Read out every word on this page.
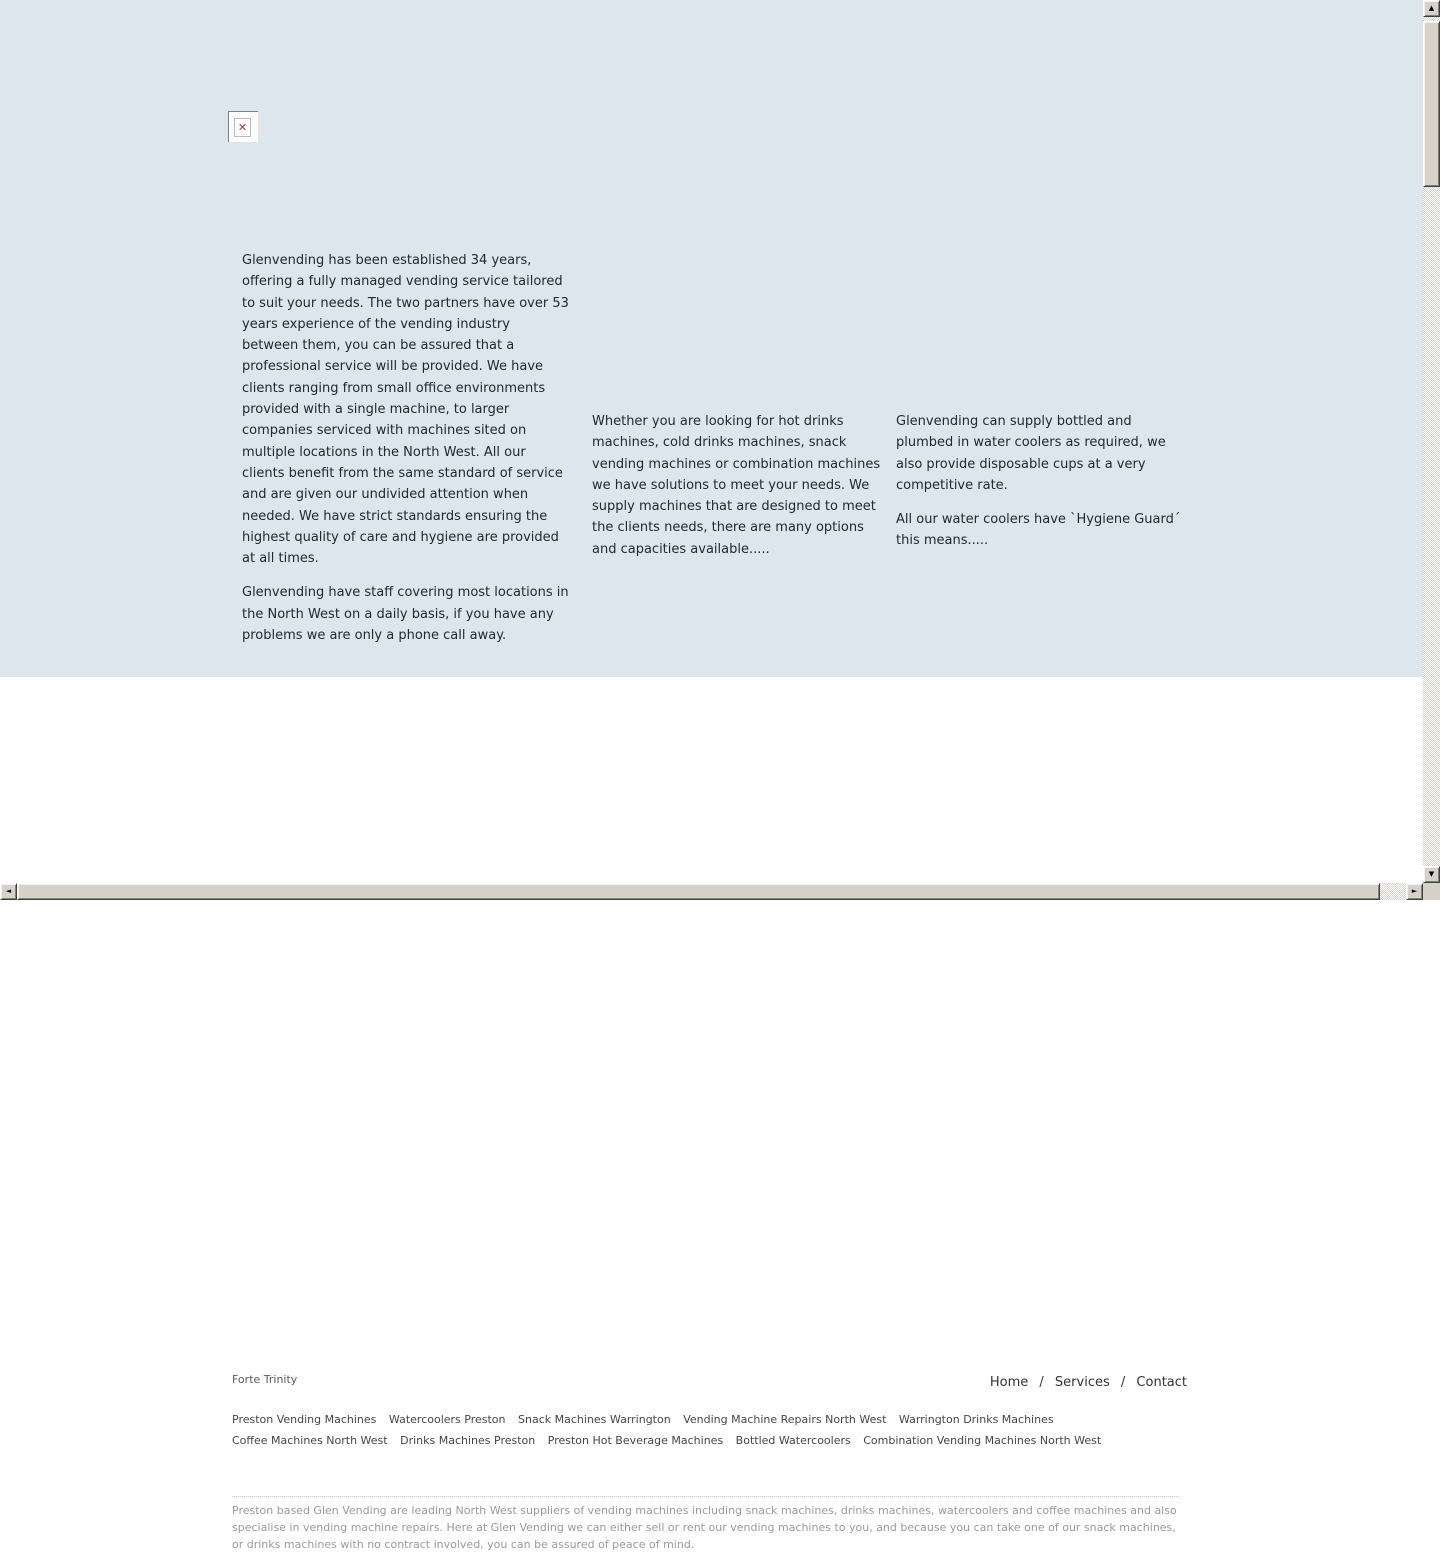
✕

Glenvending has been established 34 years, offering a fully managed vending service tailored to suit your needs. The two partners have over 53 years experience of the vending industry between them, you can be assured that a professional service will be provided. We have clients ranging from small office environments provided with a single machine, to larger companies serviced with machines sited on multiple locations in the North West. All our clients benefit from the same standard of service and are given our undivided attention when needed. We have strict standards ensuring the highest quality of care and hygiene are provided at all times.

Glenvending have staff covering most locations in the North West on a daily basis, if you have any problems we are only a phone call away.

Whether you are looking for hot drinks machines, cold drinks machines, snack vending machines or combination machines we have solutions to meet your needs. We supply machines that are designed to meet the clients needs, there are many options and capacities available.....

Glenvending can supply bottled and plumbed in water coolers as required, we also provide disposable cups at a very competitive rate.

All our water coolers have `Hygiene Guard´ this means.....

Forte Trinity	Home / Services / Contact
Preston Vending Machines Watercoolers Preston Snack Machines Warrington Vending Machine Repairs North West Warrington Drinks Machines Coffee Machines North West Drinks Machines Preston Preston Hot Beverage Machines Bottled Watercoolers Combination Vending Machines North West
Preston based Glen Vending are leading North West suppliers of vending machines including snack machines, drinks machines, watercoolers and coffee machines and also specialise in vending machine repairs. Here at Glen Vending we can either sell or rent our vending machines to you, and because you can take one of our snack machines, or drinks machines with no contract involved, you can be assured of peace of mind.
▲
▼
◄	►
